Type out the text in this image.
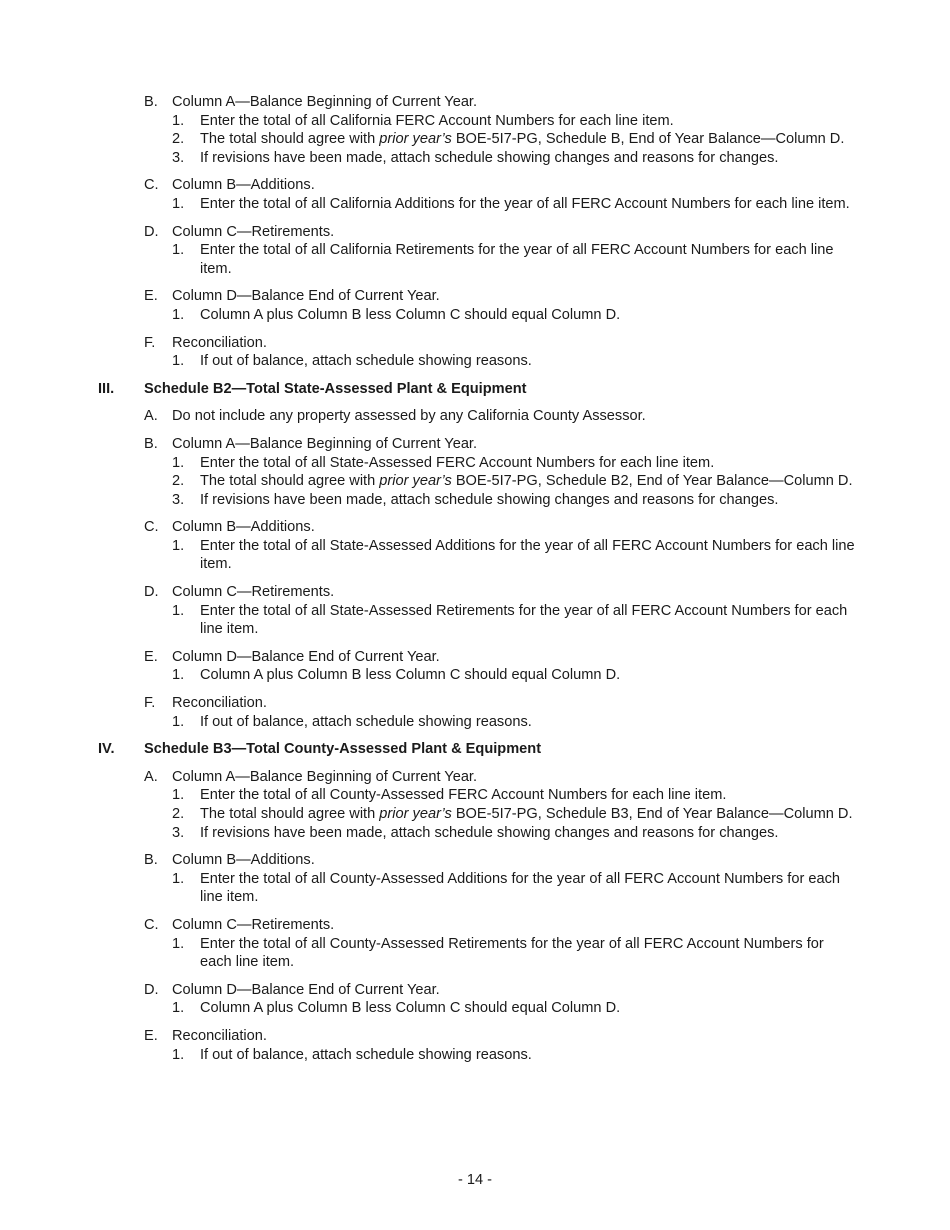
B. Column A—Balance Beginning of Current Year.
1.	Enter the total of all California FERC Account Numbers for each line item.
2.	The total should agree with prior year’s BOE-5I7-PG, Schedule B, End of Year Balance—Column D.
3.	If revisions have been made, attach schedule showing changes and reasons for changes.
C. Column B—Additions.
1.	Enter the total of all California Additions for the year of all FERC Account Numbers for each line item.
D. Column C—Retirements.
1.	Enter the total of all California Retirements for the year of all FERC Account Numbers for each line item.
E. Column D—Balance End of Current Year.
1.	Column A plus Column B less Column C should equal Column D.
F.	Reconciliation.
1.	If out of balance, attach schedule showing reasons.
III.	Schedule B2—Total State-Assessed Plant & Equipment
A. Do not include any property assessed by any California County Assessor.
B. Column A—Balance Beginning of Current Year.
1.	Enter the total of all State-Assessed FERC Account Numbers for each line item.
2.	The total should agree with prior year’s BOE-5I7-PG, Schedule B2, End of Year Balance—Column D.
3.	If revisions have been made, attach schedule showing changes and reasons for changes.
C. Column B—Additions.
1.	Enter the total of all State-Assessed Additions for the year of all FERC Account Numbers for each line item.
D. Column C—Retirements.
1.	Enter the total of all State-Assessed Retirements for the year of all FERC Account Numbers for each line item.
E. Column D—Balance End of Current Year.
1.	Column A plus Column B less Column C should equal Column D.
F.	Reconciliation.
1.	If out of balance, attach schedule showing reasons.
IV.	Schedule B3—Total County-Assessed Plant & Equipment
A. Column A—Balance Beginning of Current Year.
1.	Enter the total of all County-Assessed FERC Account Numbers for each line item.
2.	The total should agree with prior year’s BOE-5I7-PG, Schedule B3, End of Year Balance—Column D.
3.	If revisions have been made, attach schedule showing changes and reasons for changes.
B. Column B—Additions.
1.	Enter the total of all County-Assessed Additions for the year of all FERC Account Numbers for each line item.
C. Column C—Retirements.
1.	Enter the total of all County-Assessed Retirements for the year of all FERC Account Numbers for each line item.
D. Column D—Balance End of Current Year.
1.	Column A plus Column B less Column C should equal Column D.
E. Reconciliation.
1.	If out of balance, attach schedule showing reasons.
- 14 -
